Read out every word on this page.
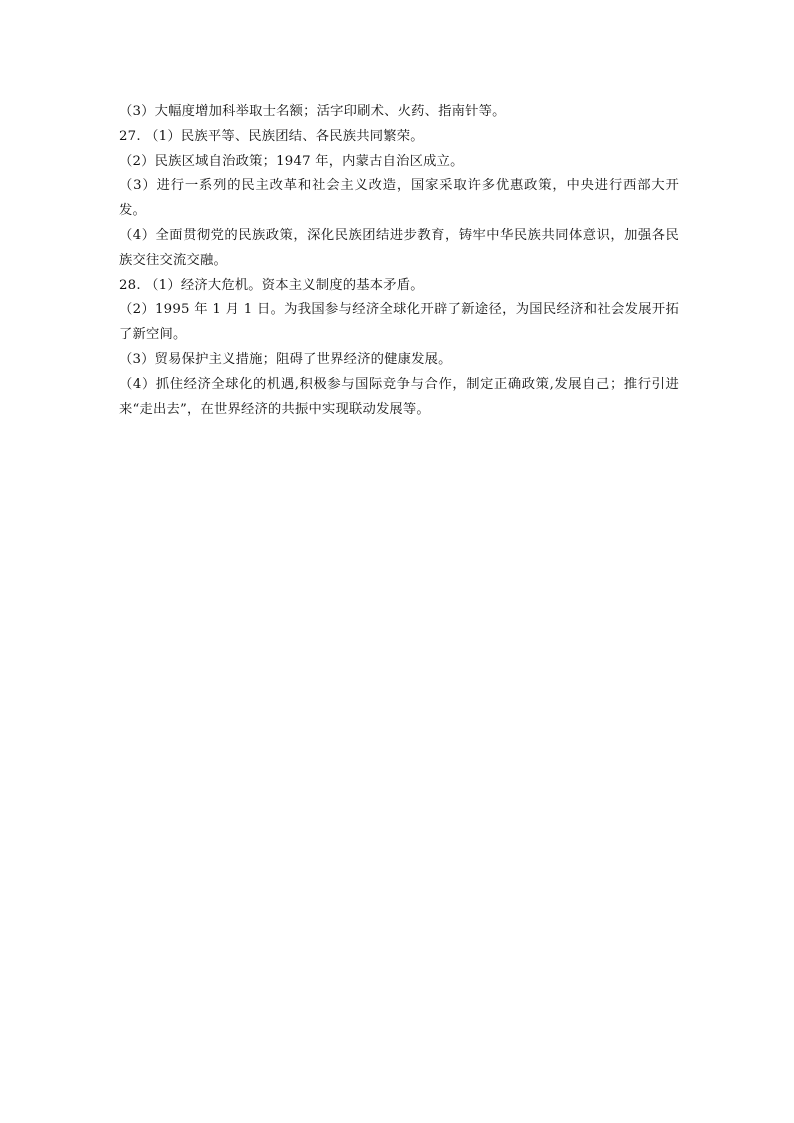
（3）大幅度增加科举取士名额；活字印刷术、火药、指南针等。

27. （1）民族平等、民族团结、各民族共同繁荣。

（2）民族区域自治政策；1947 年，内蒙古自治区成立。

（3）进行一系列的民主改革和社会主义改造，国家采取许多优惠政策，中央进行西部大开发。

（4）全面贯彻党的民族政策，深化民族团结进步教育，铸牢中华民族共同体意识，加强各民族交往交流交融。

28. （1）经济大危机。资本主义制度的基本矛盾。

（2）1995 年 1 月 1 日。为我国参与经济全球化开辟了新途径，为国民经济和社会发展开拓了新空间。

（3）贸易保护主义措施；阻碍了世界经济的健康发展。

（4）抓住经济全球化的机遇,积极参与国际竞争与合作，制定正确政策,发展自己；推行引进来“走出去”，在世界经济的共振中实现联动发展等。
